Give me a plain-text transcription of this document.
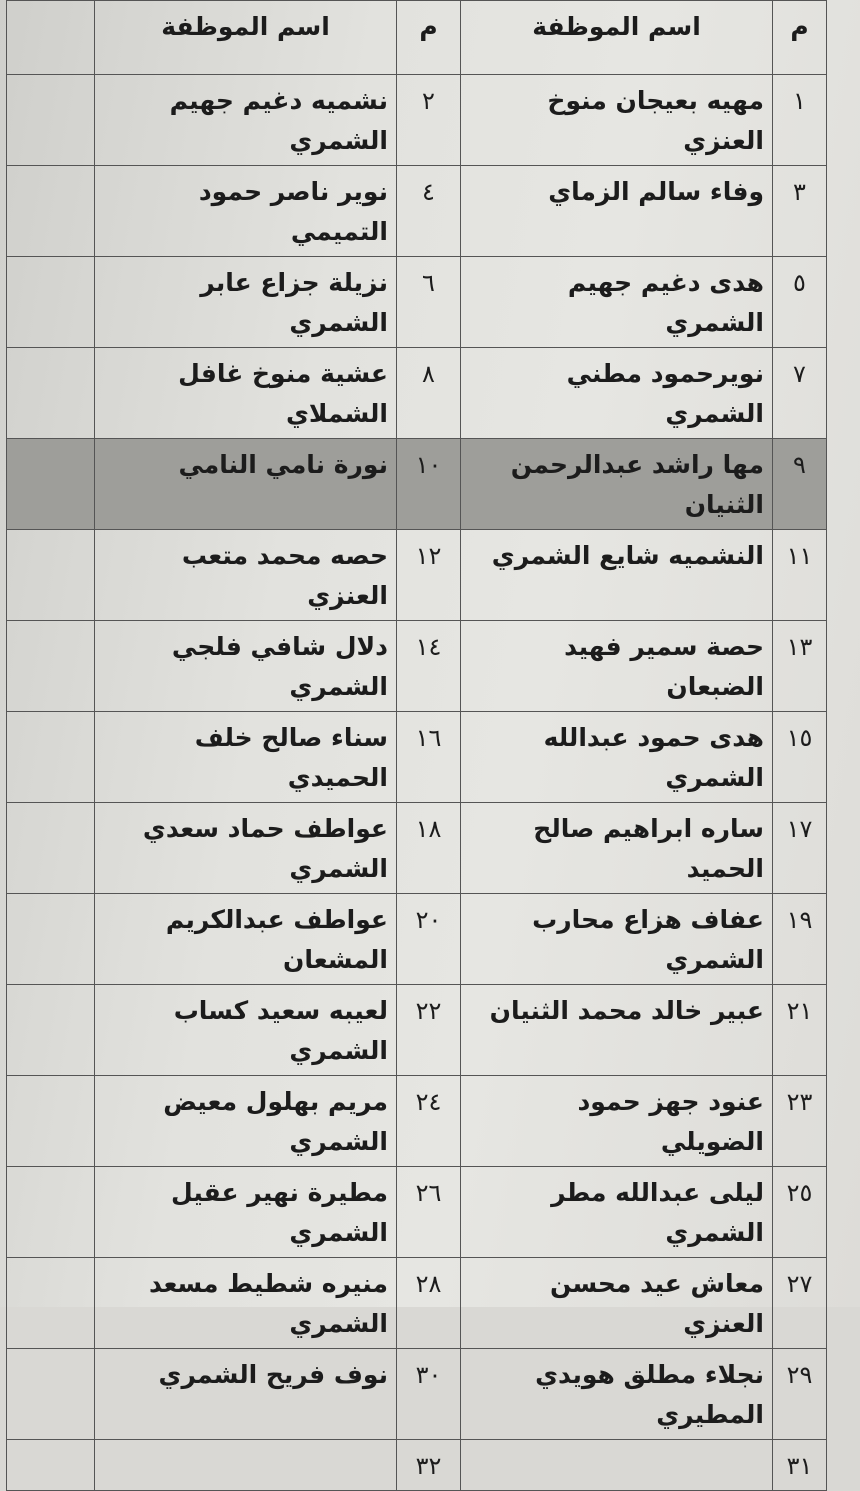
م	اسم الموظفة	م	اسم الموظفة	
١	مهيه بعيجان منوخ العنزي	٢	نشميه دغيم جهيم الشمري	
٣	وفاء سالم الزماي	٤	نوير ناصر حمود التميمي	
٥	هدى دغيم جهيم الشمري	٦	نزيلة جزاع عابر الشمري	
٧	نويرحمود مطني الشمري	٨	عشية منوخ غافل الشملاي	
٩	مها راشد عبدالرحمن الثنيان	١٠	نورة نامي النامي	
١١	النشميه شايع الشمري	١٢	حصه محمد متعب العنزي	
١٣	حصة سمير فهيد الضبعان	١٤	دلال شافي فلجي الشمري	
١٥	هدى حمود عبدالله الشمري	١٦	سناء صالح خلف الحميدي	
١٧	ساره ابراهيم صالح الحميد	١٨	عواطف حماد سعدي الشمري	
١٩	عفاف هزاع محارب الشمري	٢٠	عواطف عبدالكريم المشعان	
٢١	عبير خالد محمد الثنيان	٢٢	لعيبه سعيد كساب الشمري	
٢٣	عنود جهز حمود الضويلي	٢٤	مريم بهلول معيض الشمري	
٢٥	ليلى عبدالله مطر الشمري	٢٦	مطيرة نهير عقيل الشمري	
٢٧	معاش عيد محسن العنزي	٢٨	منيره شطيط مسعد الشمري	
٢٩	نجلاء مطلق هويدي المطيري	٣٠	نوف فريح الشمري	
٣١		٣٢		
